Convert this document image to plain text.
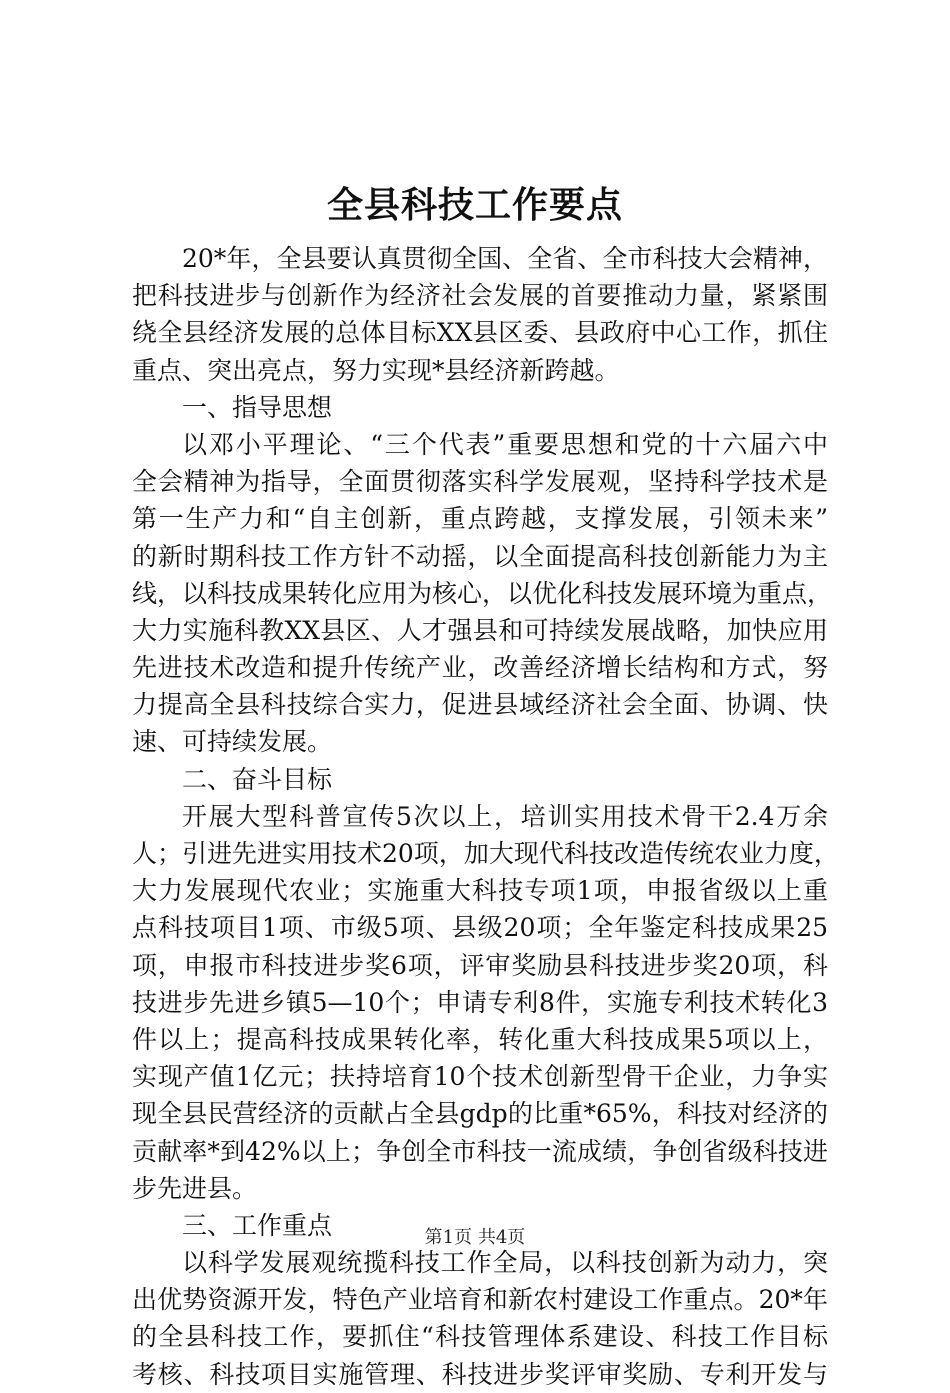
全县科技工作要点
20*年，全县要认真贯彻全国、全省、全市科技大会精神，
把科技进步与创新作为经济社会发展的首要推动力量，紧紧围
绕全县经济发展的总体目标XX县区委、县政府中心工作，抓住
重点、突出亮点，努力实现*县经济新跨越。
一、指导思想
以邓小平理论、“三个代表”重要思想和党的十六届六中
全会精神为指导，全面贯彻落实科学发展观，坚持科学技术是
第一生产力和“自主创新，重点跨越，支撑发展，引领未来”
的新时期科技工作方针不动摇，以全面提高科技创新能力为主
线，以科技成果转化应用为核心，以优化科技发展环境为重点，
大力实施科教XX县区、人才强县和可持续发展战略，加快应用
先进技术改造和提升传统产业，改善经济增长结构和方式，努
力提高全县科技综合实力，促进县域经济社会全面、协调、快
速、可持续发展。
二、奋斗目标
开展大型科普宣传5次以上，培训实用技术骨干2.4万余
人；引进先进实用技术20项，加大现代科技改造传统农业力度，
大力发展现代农业；实施重大科技专项1项，申报省级以上重
点科技项目1项、市级5项、县级20项；全年鉴定科技成果25
项，申报市科技进步奖6项，评审奖励县科技进步奖20项，科
技进步先进乡镇5—10个；申请专利8件，实施专利技术转化3
件以上；提高科技成果转化率，转化重大科技成果5项以上，
实现产值1亿元；扶持培育10个技术创新型骨干企业，力争实
现全县民营经济的贡献占全县gdp的比重*65%，科技对经济的
贡献率*到42%以上；争创全市科技一流成绩，争创省级科技进
步先进县。
三、工作重点
以科学发展观统揽科技工作全局，以科技创新为动力，突
出优势资源开发，特色产业培育和新农村建设工作重点。20*年
的全县科技工作，要抓住“科技管理体系建设、科技工作目标
考核、科技项目实施管理、科技进步奖评审奖励、专利开发与
第1页 共4页
